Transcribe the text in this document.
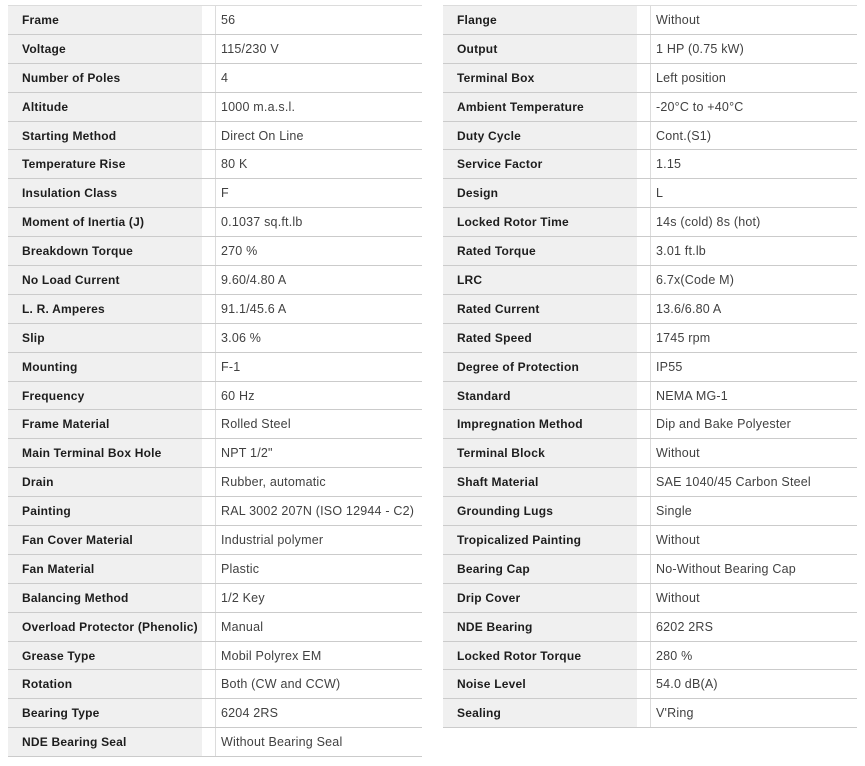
Frame	56
Voltage	115/230 V
Number of Poles	4
Altitude	1000 m.a.s.l.
Starting Method	Direct On Line
Temperature Rise	80 K
Insulation Class	F
Moment of Inertia (J)	0.1037 sq.ft.lb
Breakdown Torque	270 %
No Load Current	9.60/4.80 A
L. R. Amperes	91.1/45.6 A
Slip	3.06 %
Mounting	F-1
Frequency	60 Hz
Frame Material	Rolled Steel
Main Terminal Box Hole	NPT 1/2"
Drain	Rubber, automatic
Painting	RAL 3002 207N (ISO 12944 - C2)
Fan Cover Material	Industrial polymer
Fan Material	Plastic
Balancing Method	1/2 Key
Overload Protector (Phenolic)	Manual
Grease Type	Mobil Polyrex EM
Rotation	Both (CW and CCW)
Bearing Type	6204 2RS
NDE Bearing Seal	Without Bearing Seal
Flange	Without
Output	1 HP (0.75 kW)
Terminal Box	Left position
Ambient Temperature	-20°C to +40°C
Duty Cycle	Cont.(S1)
Service Factor	1.15
Design	L
Locked Rotor Time	14s (cold) 8s (hot)
Rated Torque	3.01 ft.lb
LRC	6.7x(Code M)
Rated Current	13.6/6.80 A
Rated Speed	1745 rpm
Degree of Protection	IP55
Standard	NEMA MG-1
Impregnation Method	Dip and Bake Polyester
Terminal Block	Without
Shaft Material	SAE 1040/45 Carbon Steel
Grounding Lugs	Single
Tropicalized Painting	Without
Bearing Cap	No-Without Bearing Cap
Drip Cover	Without
NDE Bearing	6202 2RS
Locked Rotor Torque	280 %
Noise Level	54.0 dB(A)
Sealing	V'Ring
